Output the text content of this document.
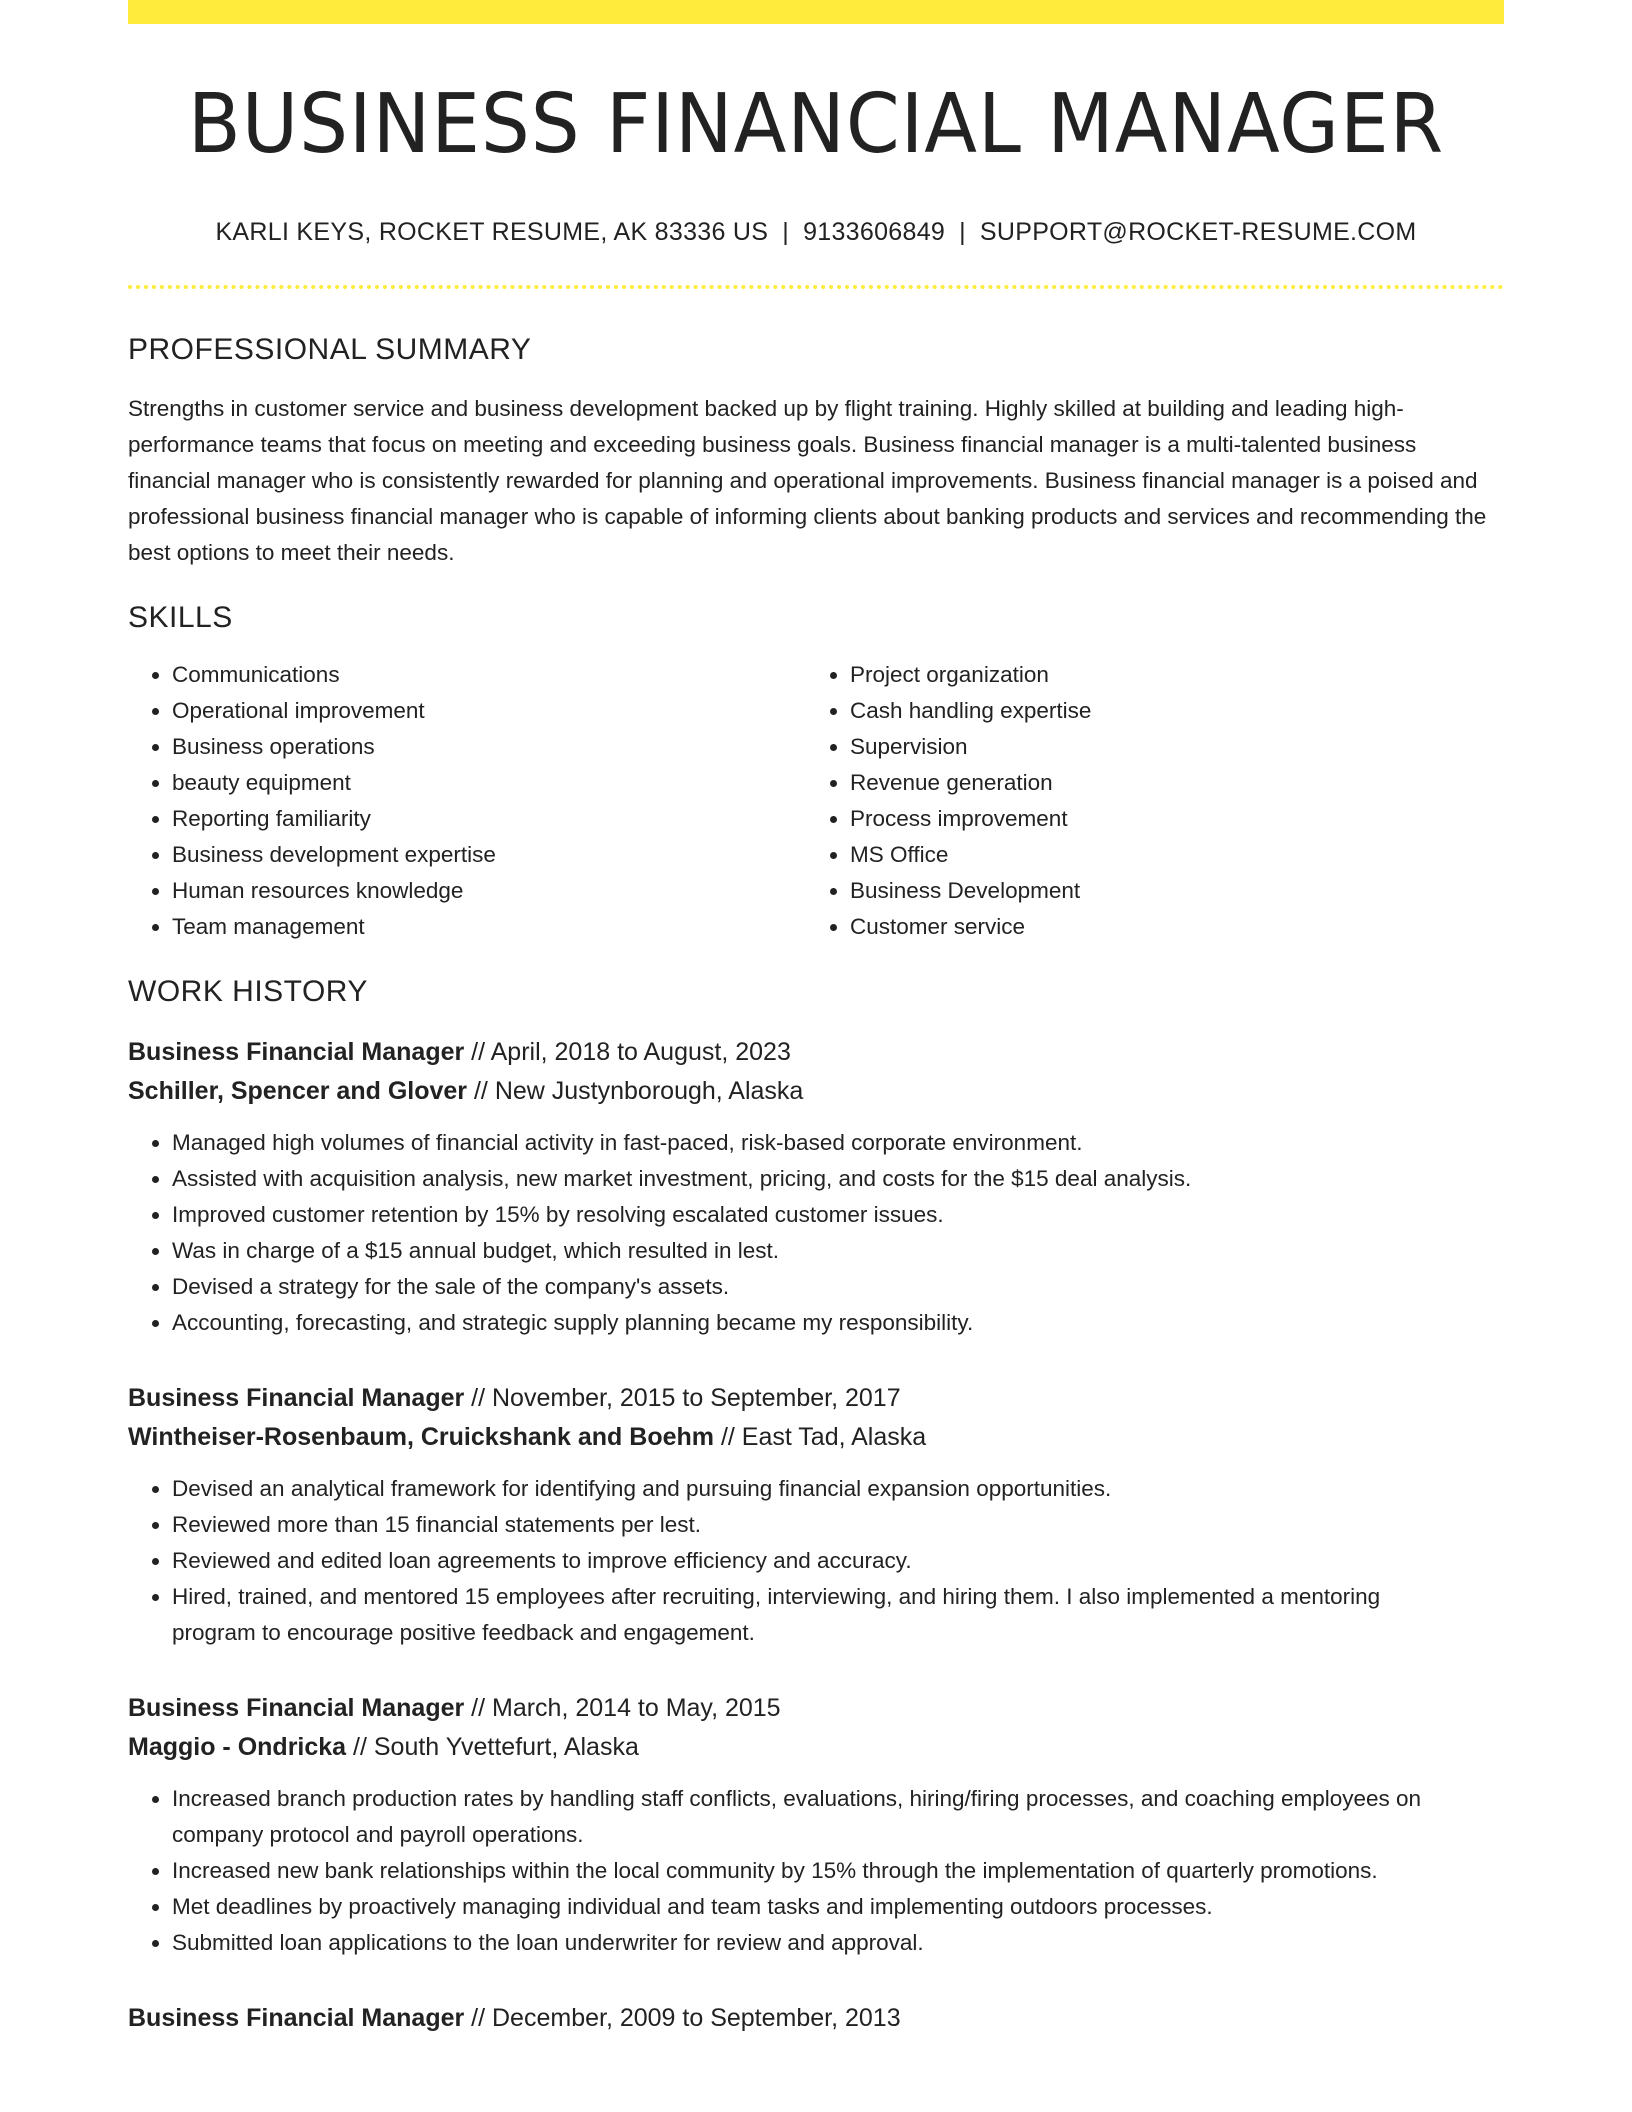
BUSINESS FINANCIAL MANAGER
KARLI KEYS, ROCKET RESUME, AK 83336 US | 9133606849 | SUPPORT@ROCKET-RESUME.COM
PROFESSIONAL SUMMARY

Strengths in customer service and business development backed up by flight training. Highly skilled at building and leading high-performance teams that focus on meeting and exceeding business goals. Business financial manager is a multi-talented business financial manager who is consistently rewarded for planning and operational improvements. Business financial manager is a poised and professional business financial manager who is capable of informing clients about banking products and services and recommending the best options to meet their needs.

SKILLS
• Communications
• Operational improvement
• Business operations
• beauty equipment
• Reporting familiarity
• Business development expertise
• Human resources knowledge
• Team management
• Project organization
• Cash handling expertise
• Supervision
• Revenue generation
• Process improvement
• MS Office
• Business Development
• Customer service
WORK HISTORY
Business Financial Manager // April, 2018 to August, 2023
Schiller, Spencer and Glover // New Justynborough, Alaska
• Managed high volumes of financial activity in fast-paced, risk-based corporate environment.
• Assisted with acquisition analysis, new market investment, pricing, and costs for the $15 deal analysis.
• Improved customer retention by 15% by resolving escalated customer issues.
• Was in charge of a $15 annual budget, which resulted in lest.
• Devised a strategy for the sale of the company's assets.
• Accounting, forecasting, and strategic supply planning became my responsibility.
Business Financial Manager // November, 2015 to September, 2017
Wintheiser-Rosenbaum, Cruickshank and Boehm // East Tad, Alaska
• Devised an analytical framework for identifying and pursuing financial expansion opportunities.
• Reviewed more than 15 financial statements per lest.
• Reviewed and edited loan agreements to improve efficiency and accuracy.
• Hired, trained, and mentored 15 employees after recruiting, interviewing, and hiring them. I also implemented a mentoring program to encourage positive feedback and engagement.
Business Financial Manager // March, 2014 to May, 2015
Maggio - Ondricka // South Yvettefurt, Alaska
• Increased branch production rates by handling staff conflicts, evaluations, hiring/firing processes, and coaching employees on company protocol and payroll operations.
• Increased new bank relationships within the local community by 15% through the implementation of quarterly promotions.
• Met deadlines by proactively managing individual and team tasks and implementing outdoors processes.
• Submitted loan applications to the loan underwriter for review and approval.
Business Financial Manager // December, 2009 to September, 2013
